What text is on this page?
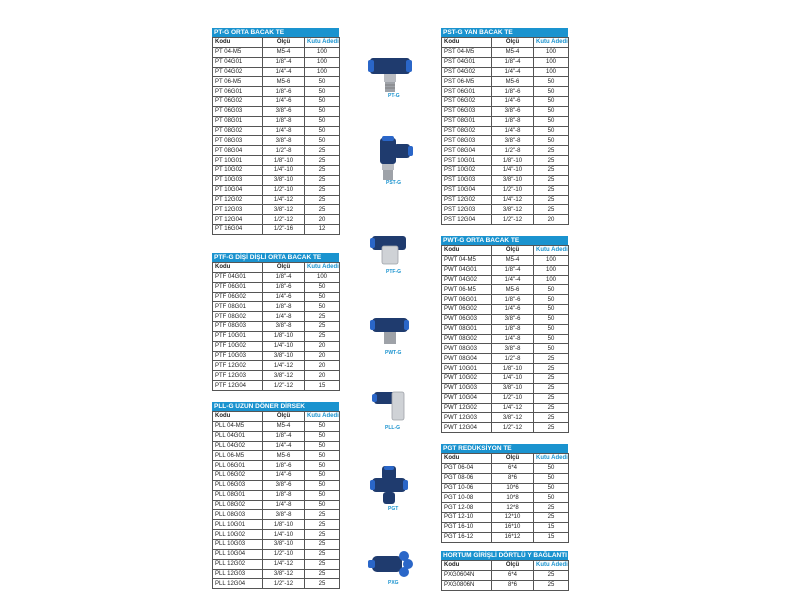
PT-G ORTA BACAK TE
Kodu	Ölçü	Kutu Adedi
PT 04-M5	M5-4	100
PT 04G01	1/8"-4	100
PT 04G02	1/4"-4	100
PT 06-M5	M5-6	50
PT 06G01	1/8"-6	50
PT 06G02	1/4"-6	50
PT 06G03	3/8"-6	50
PT 08G01	1/8"-8	50
PT 08G02	1/4"-8	50
PT 08G03	3/8"-8	50
PT 08G04	1/2"-8	25
PT 10G01	1/8"-10	25
PT 10G02	1/4"-10	25
PT 10G03	3/8"-10	25
PT 10G04	1/2"-10	25
PT 12G02	1/4"-12	25
PT 12G03	3/8"-12	25
PT 12G04	1/2"-12	20
PT 16G04	1/2"-16	12
PTF-G DİŞİ DİŞLİ ORTA BACAK TE
Kodu	Ölçü	Kutu Adedi
PTF 04G01	1/8"-4	100
PTF 06G01	1/8"-6	50
PTF 06G02	1/4"-6	50
PTF 08G01	1/8"-8	50
PTF 08G02	1/4"-8	25
PTF 08G03	3/8"-8	25
PTF 10G01	1/8"-10	25
PTF 10G02	1/4"-10	20
PTF 10G03	3/8"-10	20
PTF 12G02	1/4"-12	20
PTF 12G03	3/8"-12	20
PTF 12G04	1/2"-12	15
PLL-G UZUN DÖNER DİRSEK
Kodu	Ölçü	Kutu Adedi
PLL 04-M5	M5-4	50
PLL 04G01	1/8"-4	50
PLL 04G02	1/4"-4	50
PLL 06-M5	M5-6	50
PLL 06G01	1/8"-6	50
PLL 06G02	1/4"-6	50
PLL 06G03	3/8"-6	50
PLL 08G01	1/8"-8	50
PLL 08G02	1/4"-8	50
PLL 08G03	3/8"-8	25
PLL 10G01	1/8"-10	25
PLL 10G02	1/4"-10	25
PLL 10G03	3/8"-10	25
PLL 10G04	1/2"-10	25
PLL 12G02	1/4"-12	25
PLL 12G03	3/8"-12	25
PLL 12G04	1/2"-12	25
PST-G YAN BACAK TE
Kodu	Ölçü	Kutu Adedi
PST 04-M5	M5-4	100
PST 04G01	1/8"-4	100
PST 04G02	1/4"-4	100
PST 06-M5	M5-6	50
PST 06G01	1/8"-6	50
PST 06G02	1/4"-6	50
PST 06G03	3/8"-6	50
PST 08G01	1/8"-8	50
PST 08G02	1/4"-8	50
PST 08G03	3/8"-8	50
PST 08G04	1/2"-8	25
PST 10G01	1/8"-10	25
PST 10G02	1/4"-10	25
PST 10G03	3/8"-10	25
PST 10G04	1/2"-10	25
PST 12G02	1/4"-12	25
PST 12G03	3/8"-12	25
PST 12G04	1/2"-12	20
PWT-G ORTA BACAK TE
Kodu	Ölçü	Kutu Adedi
PWT 04-M5	M5-4	100
PWT 04G01	1/8"-4	100
PWT 04G02	1/4"-4	100
PWT 06-M5	M5-6	50
PWT 06G01	1/8"-6	50
PWT 06G02	1/4"-6	50
PWT 06G03	3/8"-6	50
PWT 08G01	1/8"-8	50
PWT 08G02	1/4"-8	50
PWT 08G03	3/8"-8	50
PWT 08G04	1/2"-8	25
PWT 10G01	1/8"-10	25
PWT 10G02	1/4"-10	25
PWT 10G03	3/8"-10	25
PWT 10G04	1/2"-10	25
PWT 12G02	1/4"-12	25
PWT 12G03	3/8"-12	25
PWT 12G04	1/2"-12	25
PGT REDÜKSİYON TE
Kodu	Ölçü	Kutu Adedi
PGT 06-04	6*4	50
PGT 08-06	8*6	50
PGT 10-06	10*6	50
PGT 10-08	10*8	50
PGT 12-08	12*8	25
PGT 12-10	12*10	25
PGT 16-10	16*10	15
PGT 16-12	16*12	15
HORTUM GİRİŞLİ DÖRTLÜ Y BAĞLANTI
Kodu	Ölçü	Kutu Adedi
PXG0604N	6*4	25
PXG0806N	8*6	25
PT-G
PST-G
PTF-G
PWT-G
PLL-G
PGT
PXG
